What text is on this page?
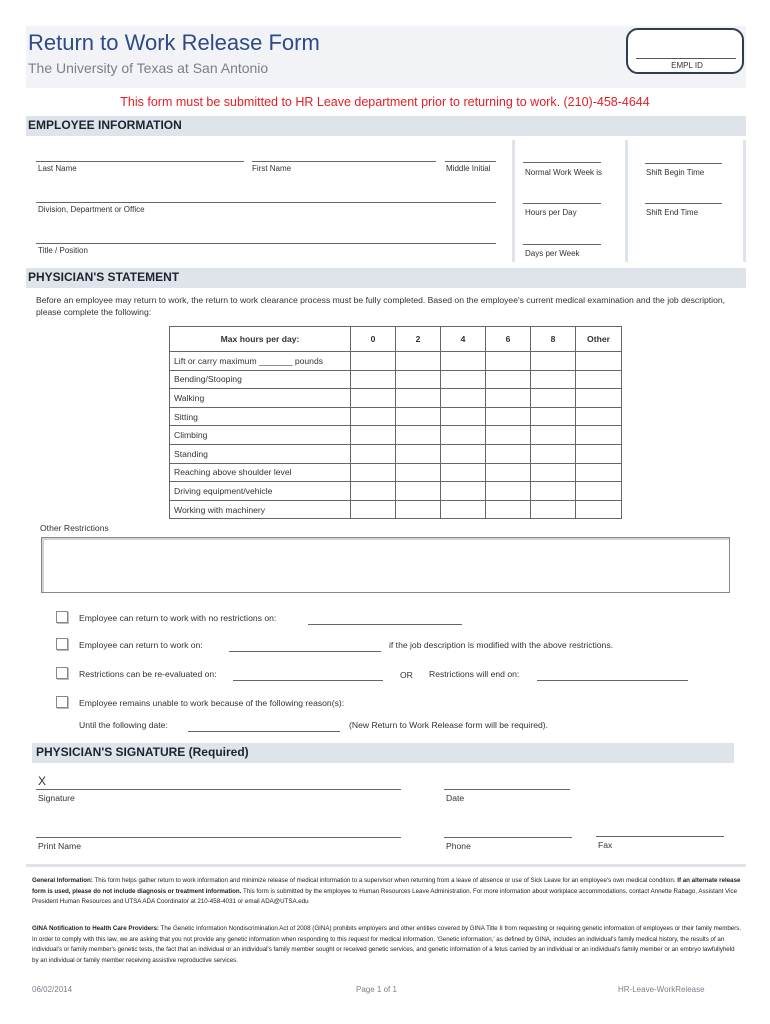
Return to Work Release Form
The University of Texas at San Antonio	EMPL ID
This form must be submitted to HR Leave department prior to returning to work. (210)-458-4644
EMPLOYEE INFORMATION
Last Name	First Name	Middle Initial
Division, Department or Office
Title / Position
Normal Work Week is
Hours per Day
Days per Week
Shift Begin Time
Shift End Time
PHYSICIAN'S STATEMENT
Before an employee may return to work, the return to work clearance process must be fully completed. Based on the employee's current medical examination and the job description, please complete the following:
Max hours per day:	0	2	4	6	8	Other
Lift or carry maximum _______ pounds						
Bending/Stooping						
Walking						
Sitting						
Climbing						
Standing						
Reaching above shoulder level						
Driving equipment/vehicle						
Working with machinery						
Other Restrictions
Employee can return to work with no restrictions on:
Employee can return to work on:	if the job description is modified with the above restrictions.
Restrictions can be re-evaluated on:	OR Restrictions will end on:
Employee remains unable to work because of the following reason(s):
Until the following date:	(New Return to Work Release form will be required).
PHYSICIAN'S SIGNATURE (Required)
X
Signature	Date
Print Name	Phone	Fax
General Information: This form helps gather return to work information and minimize release of medical information to a supervisor when returning from a leave of absence or use of Sick Leave for an employee's own medical condition. If an alternate release form is used, please do not include diagnosis or treatment information. This form is submitted by the employee to Human Resources Leave Administration. For more information about workplace accommodations, contact Annette Rabago, Assistant Vice President Human Resources and UTSA ADA Coordinator at 210-458-4031 or email ADA@UTSA.edu
GINA Notification to Health Care Providers: The Genetic Information Nondiscrimination Act of 2008 (GINA) prohibits employers and other entities covered by GINA Title II from requesting or requiring genetic information of employees or their family members. In order to comply with this law, we are asking that you not provide any genetic information when responding to this request for medical information. 'Genetic information,' as defined by GINA, includes an individual's family medical history, the results of an individual's or family member's genetic tests, the fact that an individual or an individual's family member sought or received genetic services, and genetic information of a fetus carried by an individual or an individual's family member or an embryo lawfullyheld by an individual or family member receiving assistive reproductive services.
06/02/2014	Page 1 of 1	HR-Leave-WorkRelease
